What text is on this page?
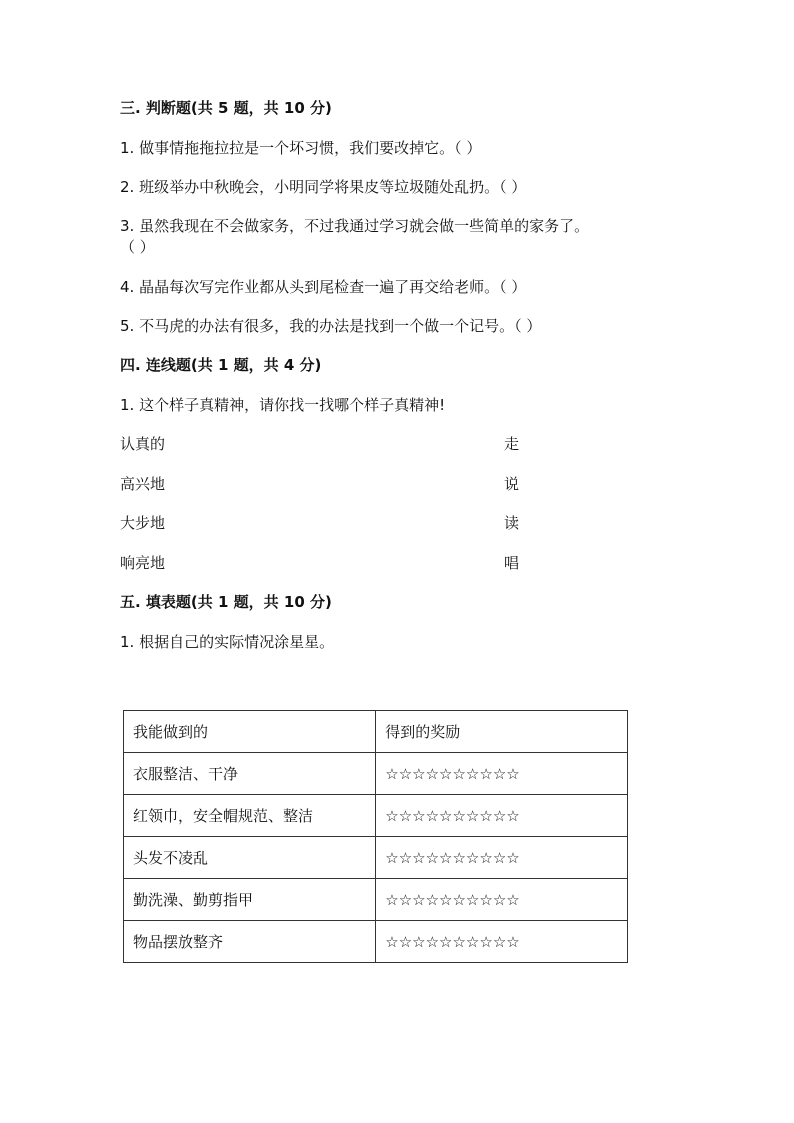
三. 判断题(共 5 题，共 10 分)
1. 做事情拖拖拉拉是一个坏习惯，我们要改掉它。（ ）
2. 班级举办中秋晚会，小明同学将果皮等垃圾随处乱扔。（ ）
3. 虽然我现在不会做家务，不过我通过学习就会做一些简单的家务了。
（ ）
4. 晶晶每次写完作业都从头到尾检查一遍了再交给老师。（ ）
5. 不马虎的办法有很多，我的办法是找到一个做一个记号。（ ）
四. 连线题(共 1 题，共 4 分)
1. 这个样子真精神，请你找一找哪个样子真精神!
认真的	走
高兴地	说
大步地	读
响亮地	唱
五. 填表题(共 1 题，共 10 分)
1. 根据自己的实际情况涂星星。
我能做到的	得到的奖励
衣服整洁、干净	☆☆☆☆☆☆☆☆☆☆
红领巾，安全帽规范、整洁	☆☆☆☆☆☆☆☆☆☆
头发不凌乱	☆☆☆☆☆☆☆☆☆☆
勤洗澡、勤剪指甲	☆☆☆☆☆☆☆☆☆☆
物品摆放整齐	☆☆☆☆☆☆☆☆☆☆
